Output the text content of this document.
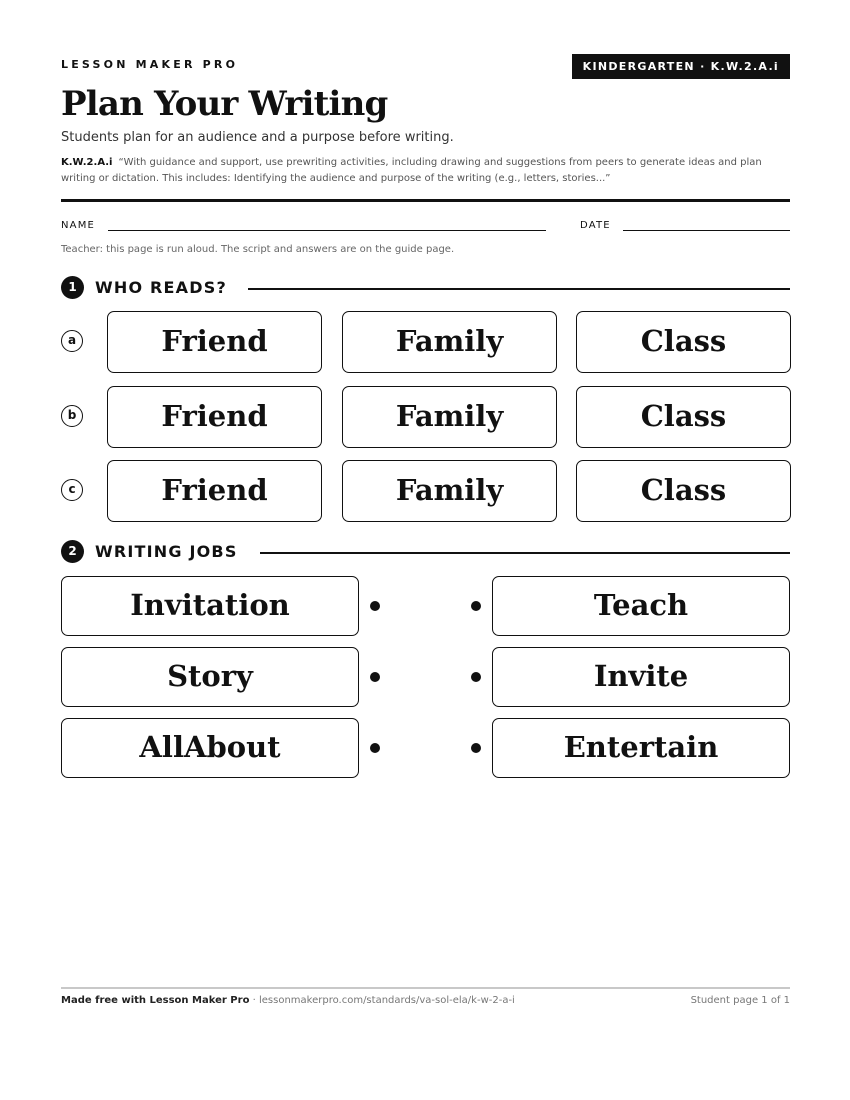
LESSON MAKER PRO	KINDERGARTEN · K.W.2.A.i
Plan Your Writing
Students plan for an audience and a purpose before writing.
K.W.2.A.i “With guidance and support, use prewriting activities, including drawing and suggestions from peers to generate ideas and plan writing or dictation. This includes: Identifying the audience and purpose of the writing (e.g., letters, stories...”
NAME	DATE
Teacher: this page is run aloud. The script and answers are on the guide page.
1	WHO READS?
a	Friend	Family	Class
b	Friend	Family	Class
c	Friend	Family	Class
2	WRITING JOBS
Invitation	Teach
Story	Invite
AllAbout	Entertain
Made free with Lesson Maker Pro · lessonmakerpro.com/standards/va-sol-ela/k-w-2-a-i	Student page 1 of 1
